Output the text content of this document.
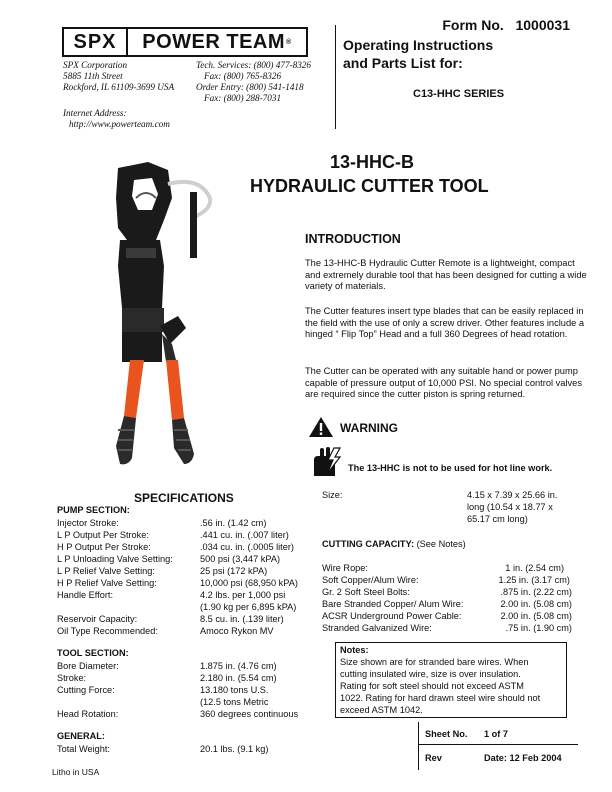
SPX	POWER TEAM ®
SPX Corporation
5885 11th Street
Rockford, IL 61109-3699 USA
Tech. Services: (800) 477-8326
Fax: (800) 765-8326
Order Entry: (800) 541-1418
Fax: (800) 288-7031
Internet Address:
http://www.powerteam.com
Form No. 1000031
Operating Instructions
and Parts List for:
C13-HHC SERIES
13-HHC-B
HYDRAULIC CUTTER TOOL
INTRODUCTION
The 13-HHC-B Hydraulic Cutter Remote is a lightweight, compact and extremely durable tool that has been designed for cutting a wide variety of materials.
The Cutter features insert type blades that can be easily replaced in the field with the use of only a screw driver. Other features include a hinged “ Flip Top” Head and a full 360 Degrees of head rotation.
The Cutter can be operated with any suitable hand or power pump capable of pressure output of 10,000 PSI. No special control valves are required since the cutter piston is spring returned.
WARNING
The 13-HHC is not to be used for hot line work.
SPECIFICATIONS
PUMP SECTION:
Injector Stroke:	.56 in. (1.42 cm)
L P Output Per Stroke:	.441 cu. in. (.007 liter)
H P Output Per Stroke:	.034 cu. in. (.0005 liter)
L P Unloading Valve Setting:	500 psi (3,447 kPA)
L P Relief Valve Setting:	25 psi (172 kPA)
H P Relief Valve Setting:	10,000 psi (68,950 kPA)
Handle Effort:	4.2 lbs. per 1,000 psi
(1.90 kg per 6,895 kPA)
Reservoir Capacity:	8.5 cu. in. (.139 liter)
Oil Type Recommended:	Amoco Rykon MV
TOOL SECTION:
Bore Diameter:	1.875 in. (4.76 cm)
Stroke:	2.180 in. (5.54 cm)
Cutting Force:	13.180 tons U.S.
(12.5 tons Metric
Head Rotation:	360 degrees continuous
GENERAL:
Total Weight:	20.1 lbs. (9.1 kg)
Litho in USA
Size:	4.15 x 7.39 x 25.66 in.
long (10.54 x 18.77 x
65.17 cm long)
CUTTING CAPACITY: (See Notes)
Wire Rope:	1 in. (2.54 cm)
Soft Copper/Alum Wire:	1.25 in. (3.17 cm)
Gr. 2 Soft Steel Bolts:	.875 in. (2.22 cm)
Bare Stranded Copper/ Alum Wire:	2.00 in. (5.08 cm)
ACSR Underground Power Cable:	2.00 in. (5.08 cm)
Stranded Galvanized Wire:	.75 in. (1.90 cm)
Notes:
Size shown are for stranded bare wires. When
cutting insulated wire, size is over insulation.
Rating for soft steel should not exceed ASTM
1022. Rating for hard drawn steel wire should not
exceed ASTM 1042.
Sheet No. 1 of 7
Rev	Date: 12 Feb 2004
